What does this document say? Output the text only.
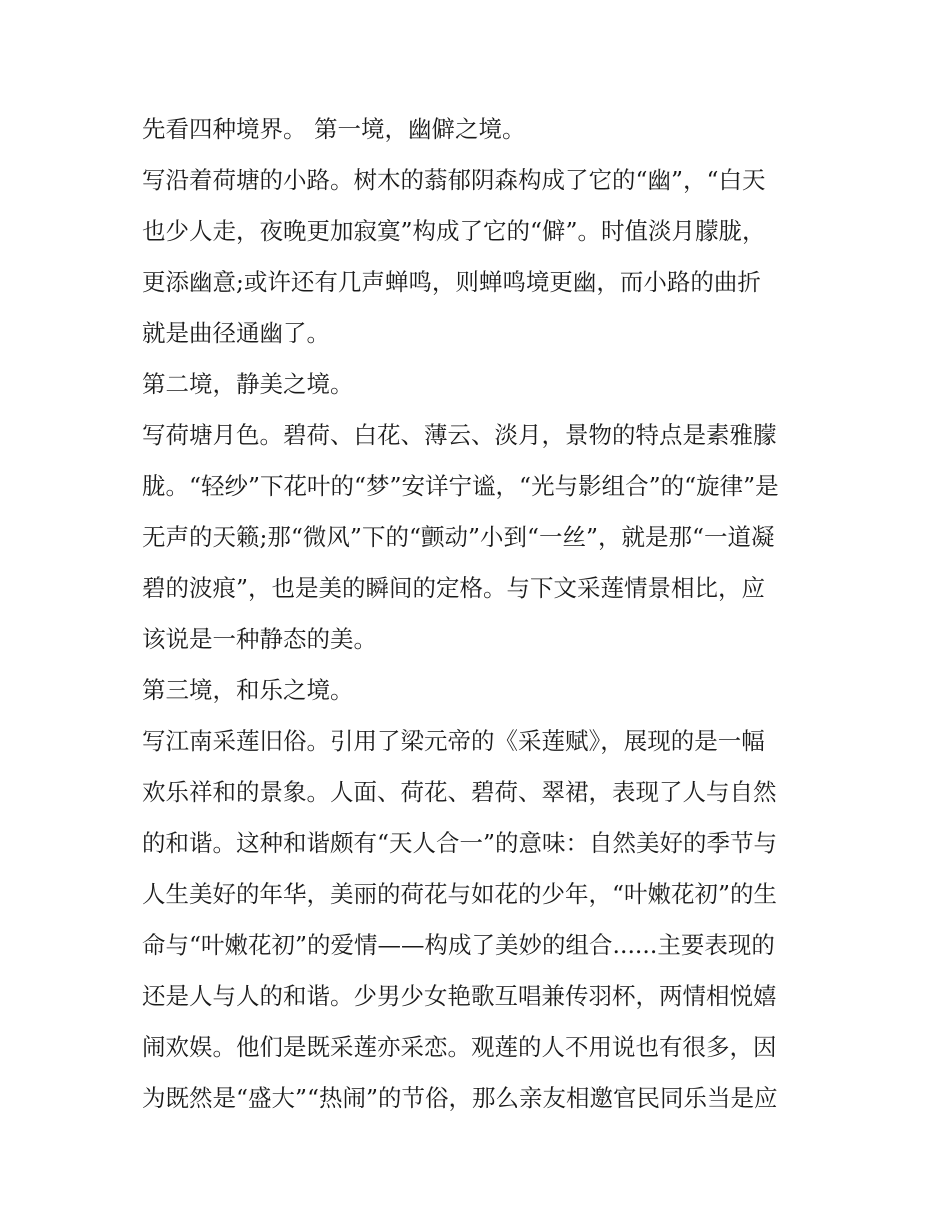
先看四种境界。 第一境，幽僻之境。
写沿着荷塘的小路。树木的蓊郁阴森构成了它的“幽”，“白天
也少人走，夜晚更加寂寞”构成了它的“僻”。时值淡月朦胧，
更添幽意;或许还有几声蝉鸣，则蝉鸣境更幽，而小路的曲折
就是曲径通幽了。
第二境，静美之境。
写荷塘月色。碧荷、白花、薄云、淡月，景物的特点是素雅朦
胧。“轻纱”下花叶的“梦”安详宁谧，“光与影组合”的“旋律”是
无声的天籁;那“微风”下的“颤动”小到“一丝”，就是那“一道凝
碧的波痕”，也是美的瞬间的定格。与下文采莲情景相比，应
该说是一种静态的美。
第三境，和乐之境。
写江南采莲旧俗。引用了梁元帝的《采莲赋》，展现的是一幅
欢乐祥和的景象。人面、荷花、碧荷、翠裙，表现了人与自然
的和谐。这种和谐颇有“天人合一”的意味：自然美好的季节与
人生美好的年华，美丽的荷花与如花的少年，“叶嫩花初”的生
命与“叶嫩花初”的爱情——构成了美妙的组合......主要表现的
还是人与人的和谐。少男少女艳歌互唱兼传羽杯，两情相悦嬉
闹欢娱。他们是既采莲亦采恋。观莲的人不用说也有很多，因
为既然是“盛大”“热闹”的节俗，那么亲友相邀官民同乐当是应
